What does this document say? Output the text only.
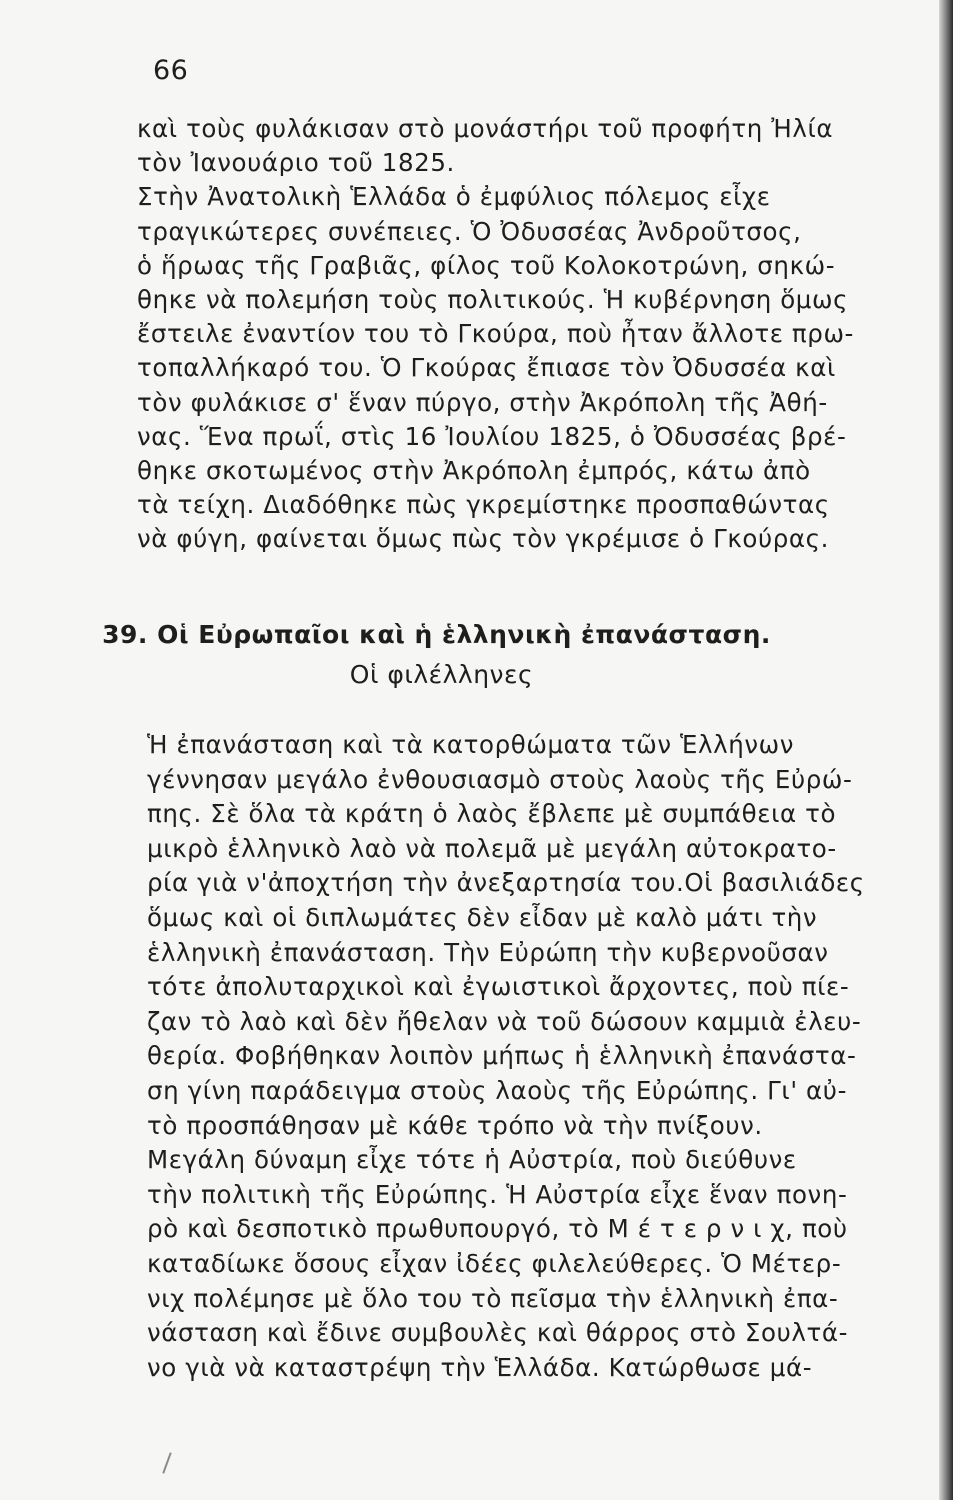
66
καὶ τοὺς φυλάκισαν στὸ μονάστήρι τοῦ προφήτη Ἠλία
τὸν Ἰανουάριο τοῦ 1825.
Στὴν Ἀνατολικὴ Ἑλλάδα ὁ ἐμφύλιος πόλεμος εἶχε
τραγικώτερες συνέπειες. Ὁ Ὀδυσσέας Ἀνδροῦτσος,
ὁ ἥρωας τῆς Γραβιᾶς, φίλος τοῦ Κολοκοτρώνη, σηκώ-
θηκε νὰ πολεμήση τοὺς πολιτικούς. Ἡ κυβέρνηση ὅμως
ἔστειλε ἐναντίον του τὸ Γκούρα, ποὺ ἦταν ἄλλοτε πρω-
τοπαλλήκαρό του. Ὁ Γκούρας ἔπιασε τὸν Ὀδυσσέα καὶ
τὸν φυλάκισε σ' ἕναν πύργο, στὴν Ἀκρόπολη τῆς Ἀθή-
νας. Ἕνα πρωΐ, στὶς 16 Ἰουλίου 1825, ὁ Ὀδυσσέας βρέ-
θηκε σκοτωμένος στὴν Ἀκρόπολη ἐμπρός, κάτω ἀπὸ
τὰ τείχη. Διαδόθηκε πὼς γκρεμίστηκε προσπαθώντας
νὰ φύγη, φαίνεται ὅμως πὼς τὸν γκρέμισε ὁ Γκούρας.
39. Οἱ Εὐρωπαῖοι καὶ ἡ ἑλληνικὴ ἐπανάσταση.
Οἱ φιλέλληνες
Ἡ ἐπανάσταση καὶ τὰ κατορθώματα τῶν Ἑλλήνων
γέννησαν μεγάλο ἐνθουσιασμὸ στοὺς λαοὺς τῆς Εὐρώ-
πης. Σὲ ὅλα τὰ κράτη ὁ λαὸς ἔβλεπε μὲ συμπάθεια τὸ
μικρὸ ἑλληνικὸ λαὸ νὰ πολεμᾶ μὲ μεγάλη αὐτοκρατο-
ρία γιὰ ν'ἀποχτήση τὴν ἀνεξαρτησία του.Οἱ βασιλιάδες
ὅμως καὶ οἱ διπλωμάτες δὲν εἶδαν μὲ καλὸ μάτι τὴν
ἑλληνικὴ ἐπανάσταση. Τὴν Εὐρώπη τὴν κυβερνοῦσαν
τότε ἀπολυταρχικοὶ καὶ ἐγωιστικοὶ ἄρχοντες, ποὺ πίε-
ζαν τὸ λαὸ καὶ δὲν ἤθελαν νὰ τοῦ δώσουν καμμιὰ ἐλευ-
θερία. Φοβήθηκαν λοιπὸν μήπως ἡ ἑλληνικὴ ἐπανάστα-
ση γίνη παράδειγμα στοὺς λαοὺς τῆς Εὐρώπης. Γι' αὐ-
τὸ προσπάθησαν μὲ κάθε τρόπο νὰ τὴν πνίξουν.
Μεγάλη δύναμη εἶχε τότε ἡ Αὐστρία, ποὺ διεύθυνε
τὴν πολιτικὴ τῆς Εὐρώπης. Ἡ Αὐστρία εἶχε ἕναν πονη-
ρὸ καὶ δεσποτικὸ πρωθυπουργό, τὸ Μ έ τ ε ρ ν ι χ, ποὺ
καταδίωκε ὅσους εἶχαν ἰδέες φιλελεύθερες. Ὁ Μέτερ-
νιχ πολέμησε μὲ ὅλο του τὸ πεῖσμα τὴν ἑλληνικὴ ἐπα-
νάσταση καὶ ἔδινε συμβουλὲς καὶ θάρρος στὸ Σουλτά-
νο γιὰ νὰ καταστρέψη τὴν Ἑλλάδα. Κατώρθωσε μά-
